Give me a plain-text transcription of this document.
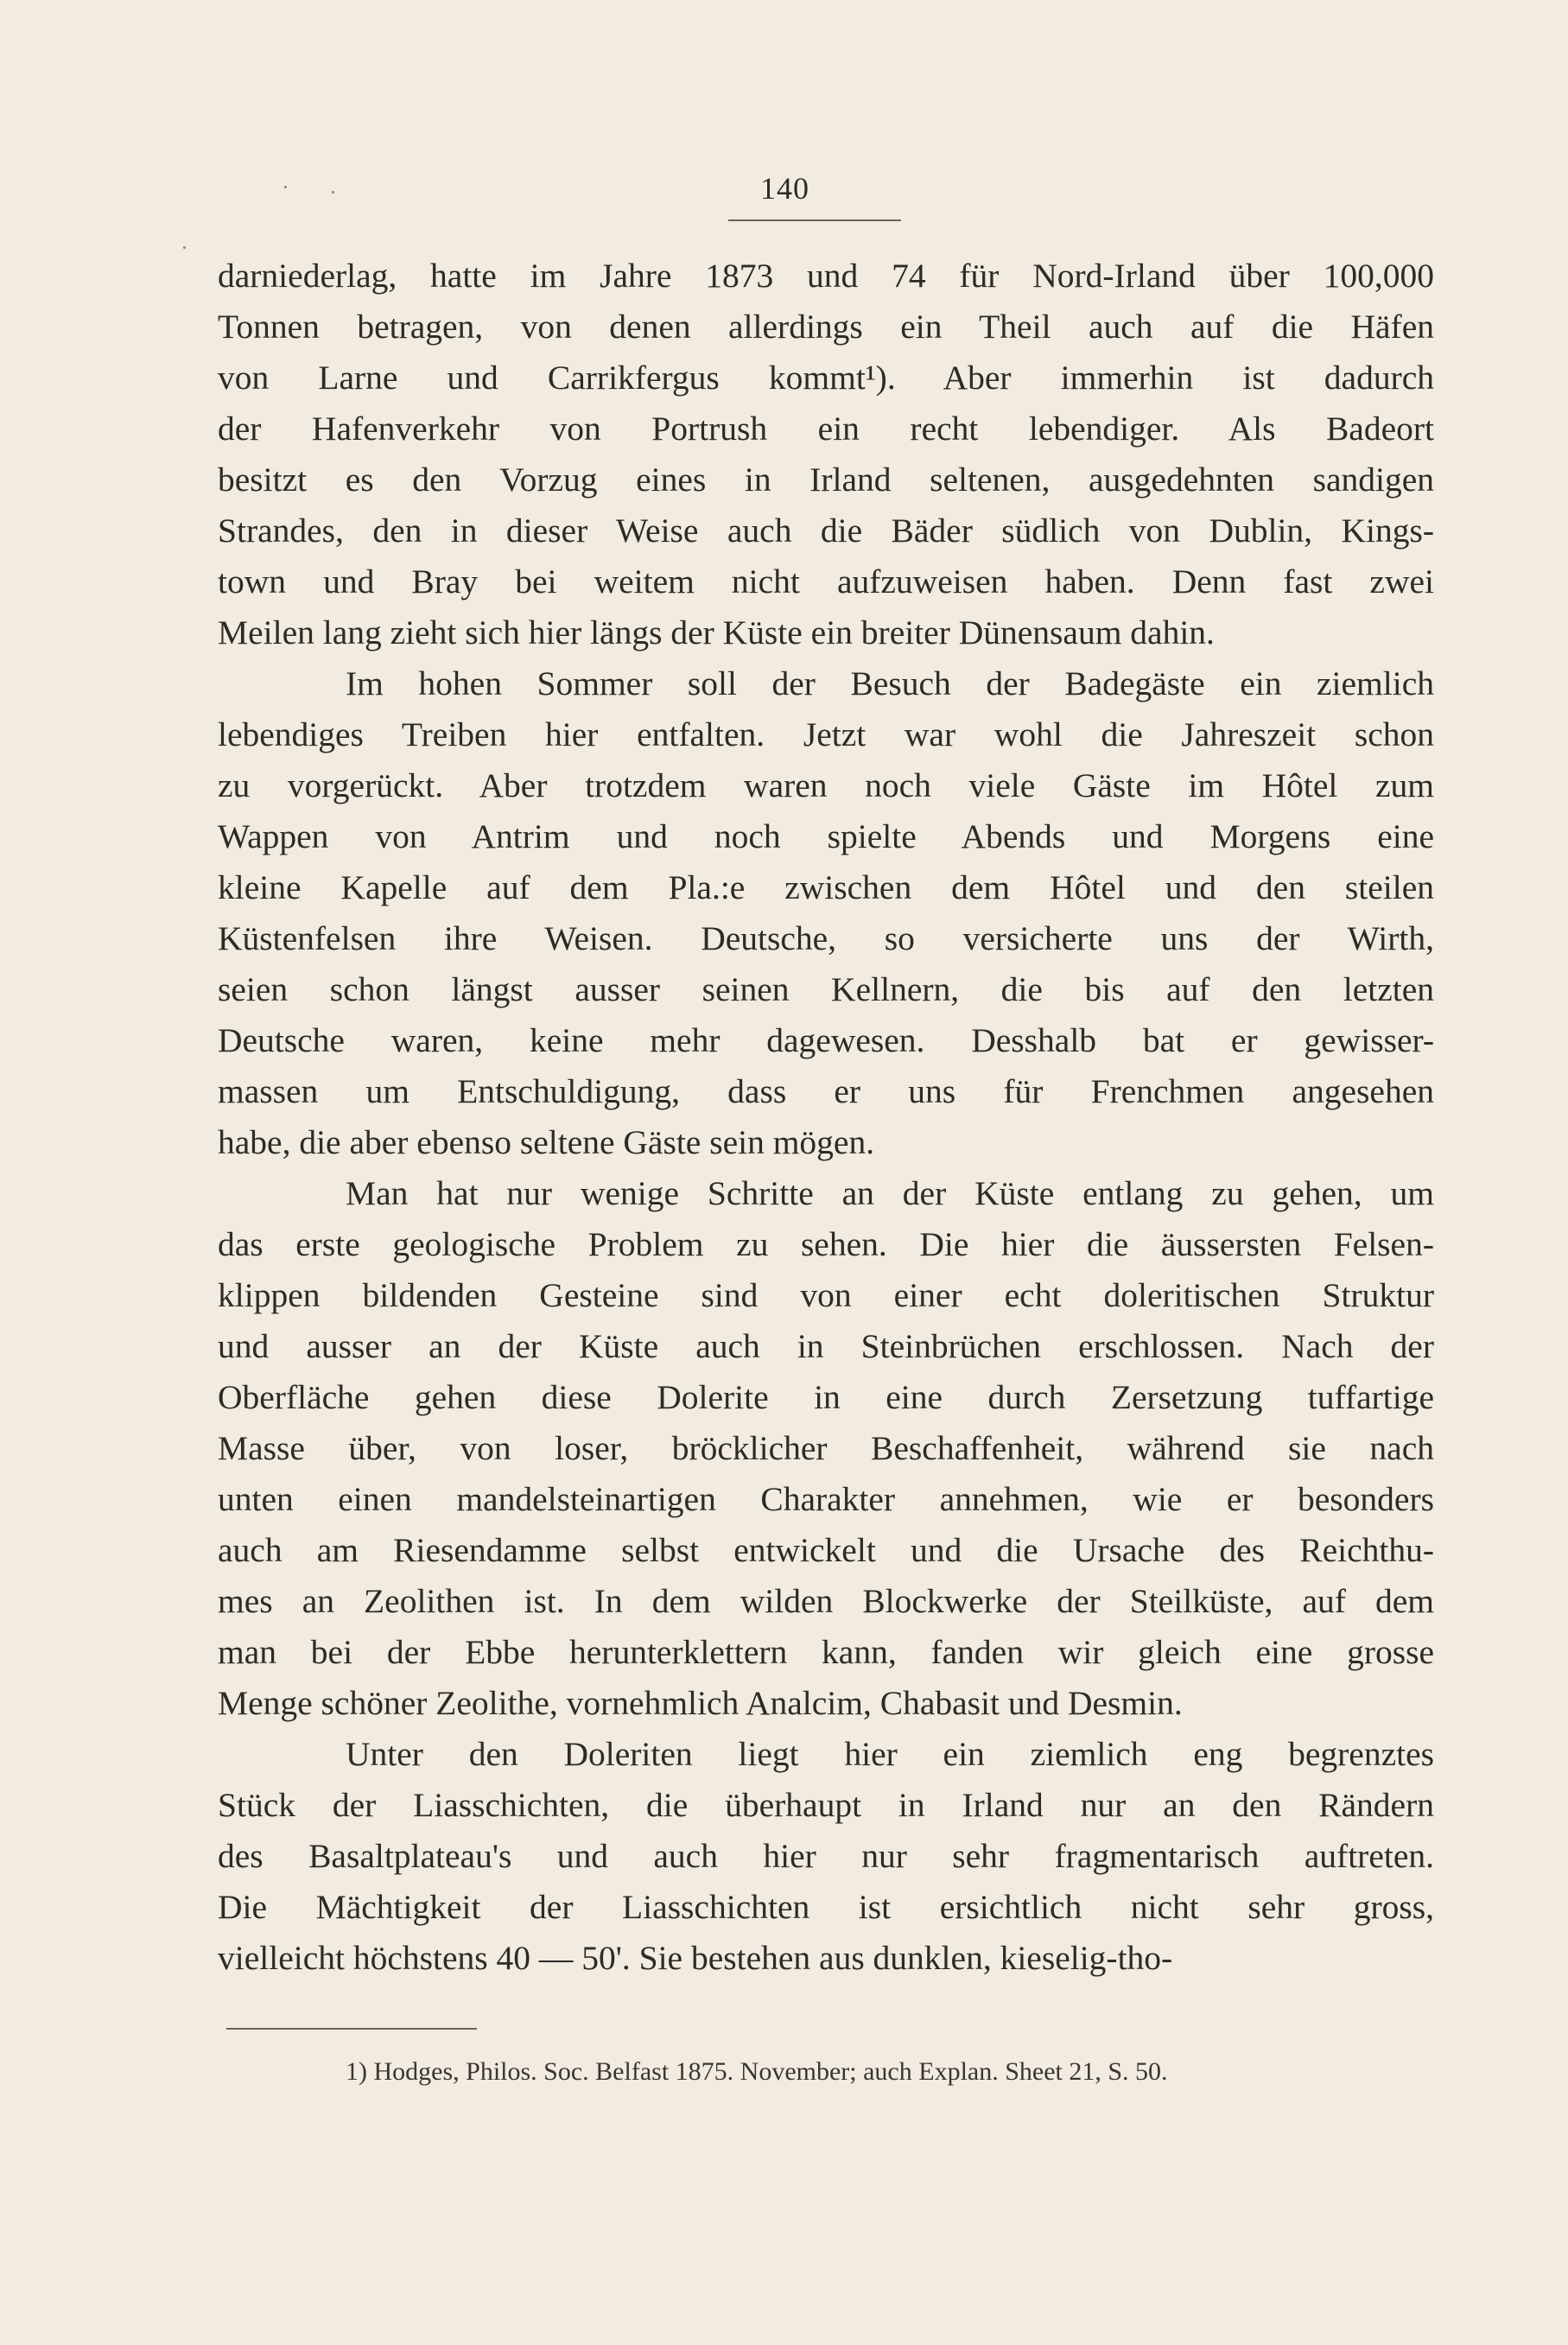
140
darniederlag, hatte im Jahre 1873 und 74 für Nord-Irland über 100,000
Tonnen betragen, von denen allerdings ein Theil auch auf die Häfen
von Larne und Carrikfergus kommt¹). Aber immerhin ist dadurch
der Hafenverkehr von Portrush ein recht lebendiger. Als Badeort
besitzt es den Vorzug eines in Irland seltenen, ausgedehnten sandigen
Strandes, den in dieser Weise auch die Bäder südlich von Dublin, Kings-
town und Bray bei weitem nicht aufzuweisen haben. Denn fast zwei
Meilen lang zieht sich hier längs der Küste ein breiter Dünensaum dahin.
Im hohen Sommer soll der Besuch der Badegäste ein ziemlich
lebendiges Treiben hier entfalten. Jetzt war wohl die Jahreszeit schon
zu vorgerückt. Aber trotzdem waren noch viele Gäste im Hôtel zum
Wappen von Antrim und noch spielte Abends und Morgens eine
kleine Kapelle auf dem Pla.:e zwischen dem Hôtel und den steilen
Küstenfelsen ihre Weisen. Deutsche, so versicherte uns der Wirth,
seien schon längst ausser seinen Kellnern, die bis auf den letzten
Deutsche waren, keine mehr dagewesen. Desshalb bat er gewisser-
massen um Entschuldigung, dass er uns für Frenchmen angesehen
habe, die aber ebenso seltene Gäste sein mögen.
Man hat nur wenige Schritte an der Küste entlang zu gehen, um
das erste geologische Problem zu sehen. Die hier die äussersten Felsen-
klippen bildenden Gesteine sind von einer echt doleritischen Struktur
und ausser an der Küste auch in Steinbrüchen erschlossen. Nach der
Oberfläche gehen diese Dolerite in eine durch Zersetzung tuffartige
Masse über, von loser, bröcklicher Beschaffenheit, während sie nach
unten einen mandelsteinartigen Charakter annehmen, wie er besonders
auch am Riesendamme selbst entwickelt und die Ursache des Reichthu-
mes an Zeolithen ist. In dem wilden Blockwerke der Steilküste, auf dem
man bei der Ebbe herunterklettern kann, fanden wir gleich eine grosse
Menge schöner Zeolithe, vornehmlich Analcim, Chabasit und Desmin.
Unter den Doleriten liegt hier ein ziemlich eng begrenztes
Stück der Liasschichten, die überhaupt in Irland nur an den Rändern
des Basaltplateau's und auch hier nur sehr fragmentarisch auftreten.
Die Mächtigkeit der Liasschichten ist ersichtlich nicht sehr gross,
vielleicht höchstens 40 — 50'. Sie bestehen aus dunklen, kieselig-tho-
1) Hodges, Philos. Soc. Belfast 1875. November; auch Explan. Sheet 21, S. 50.
